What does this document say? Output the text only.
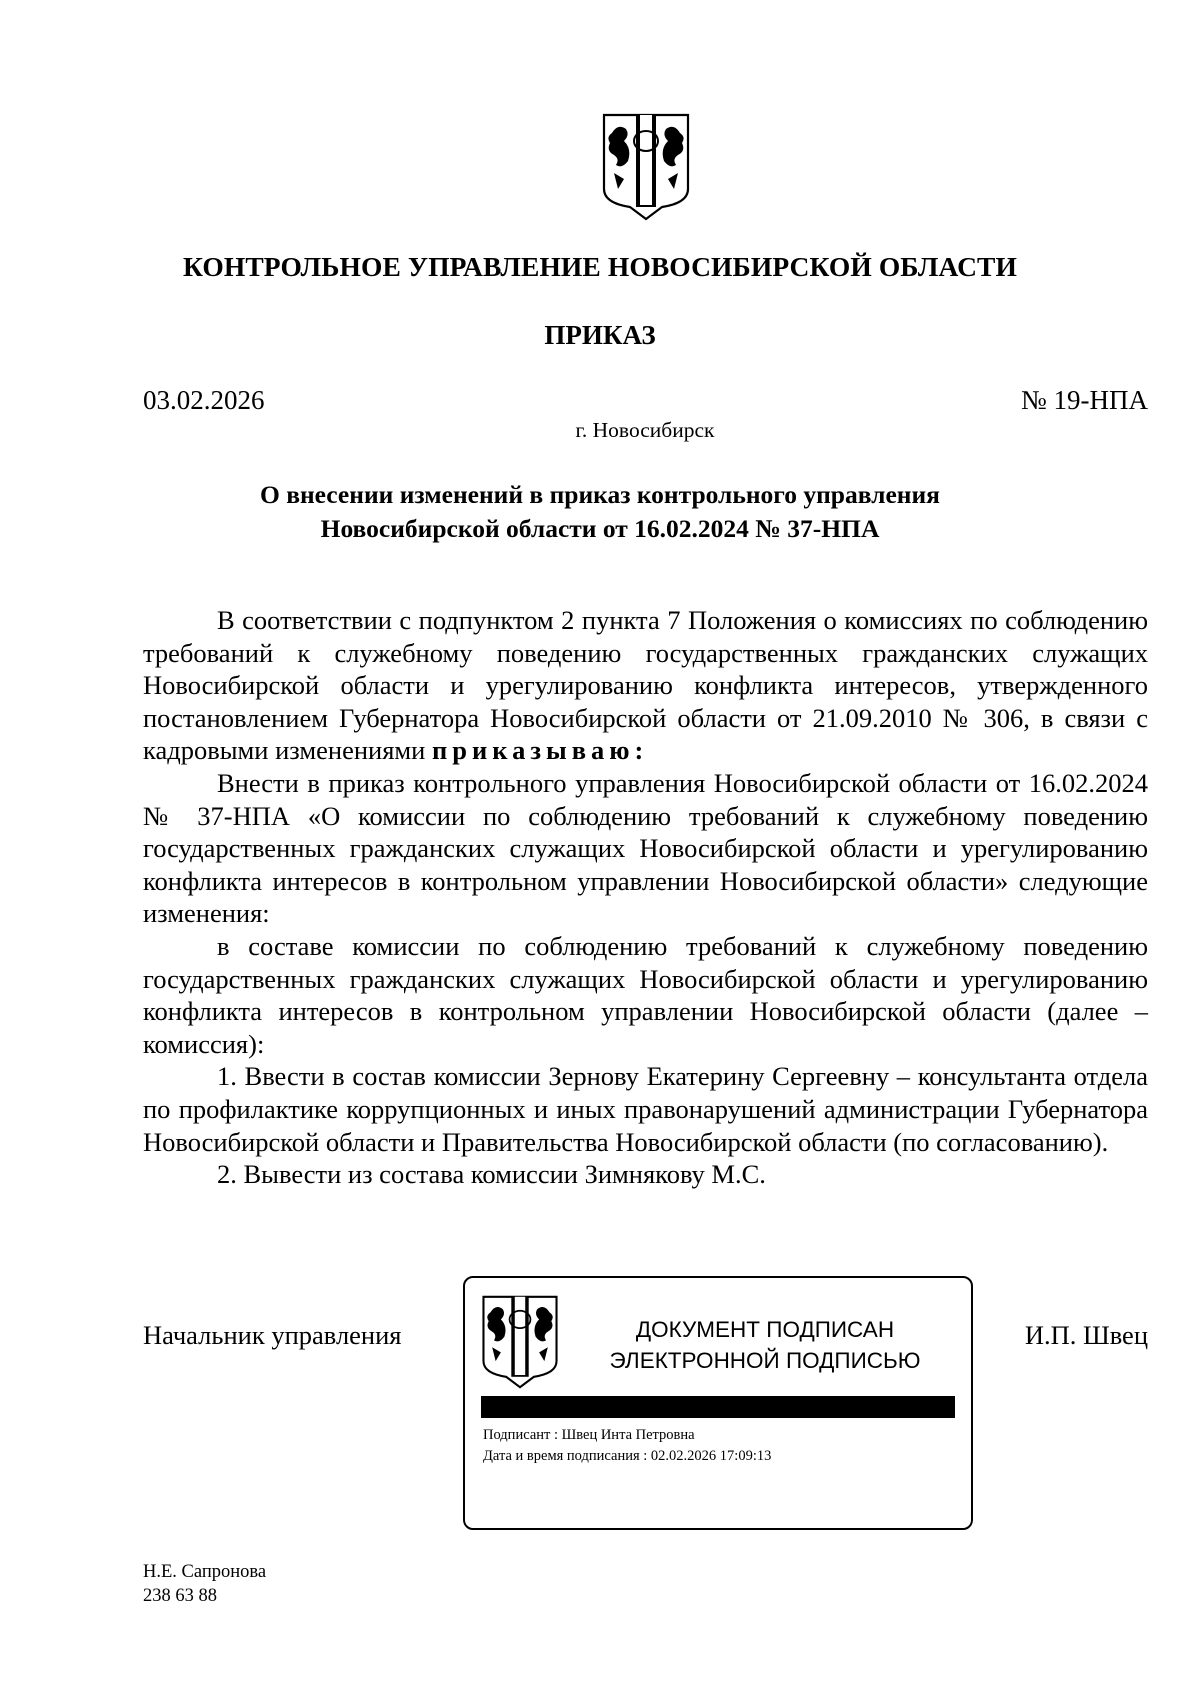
КОНТРОЛЬНОЕ УПРАВЛЕНИЕ НОВОСИБИРСКОЙ ОБЛАСТИ
ПРИКАЗ
03.02.2026	№ 19-НПА
г. Новосибирск
О внесении изменений в приказ контрольного управления
Новосибирской области от 16.02.2024 № 37-НПА

В соответствии с подпунктом 2 пункта 7 Положения о комиссиях по соблюдению требований к служебному поведению государственных гражданских служащих Новосибирской области и урегулированию конфликта интересов, утвержденного постановлением Губернатора Новосибирской области от 21.09.2010 № 306, в связи с кадровыми изменениями приказываю:

Внести в приказ контрольного управления Новосибирской области от 16.02.2024 № 37-НПА «О комиссии по соблюдению требований к служебному поведению государственных гражданских служащих Новосибирской области и урегулированию конфликта интересов в контрольном управлении Новосибирской области» следующие изменения:

в составе комиссии по соблюдению требований к служебному поведению государственных гражданских служащих Новосибирской области и урегулированию конфликта интересов в контрольном управлении Новосибирской области (далее – комиссия):

1. Ввести в состав комиссии Зернову Екатерину Сергеевну – консультанта отдела по профилактике коррупционных и иных правонарушений администрации Губернатора Новосибирской области и Правительства Новосибирской области (по согласованию).

2. Вывести из состава комиссии Зимнякову М.С.

Начальник управления	И.П. Швец
ДОКУМЕНТ ПОДПИСАН
ЭЛЕКТРОННОЙ ПОДПИСЬЮ
Подписант : Швец Инта Петровна
Дата и время подписания : 02.02.2026 17:09:13
Н.Е. Сапронова
238 63 88
